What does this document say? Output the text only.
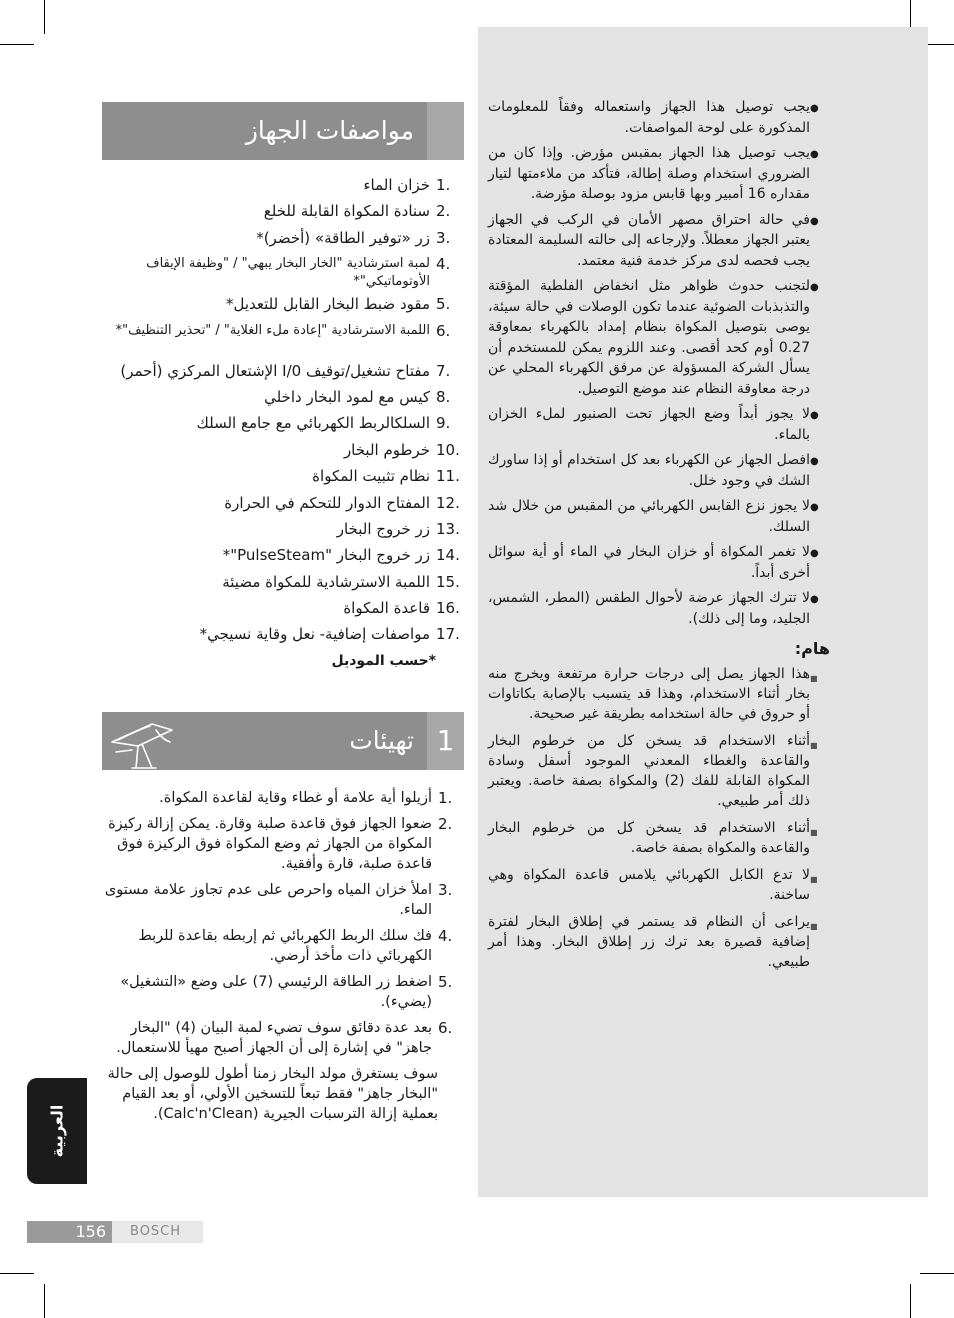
مواصفات الجهاز
1.
خزان الماء
2.
سنادة المكواة القابلة للخلع
3.
زر «توفير الطاقة» (أخضر)*
4.
لمبة استرشادية "الخار البخار يبهي" / "وظيفة الإيقاف الأوتوماتيكي"*
5.
مقود ضبط البخار القابل للتعديل*
6.
اللمبة الاسترشادية "إعادة ملء الغلاية" / "تحذير التنظيف"*
7.
مفتاح تشغيل/توقيف I/0 الإشتعال المركزي (أحمر)
8.
كيس مع لمود البخار داخلي
9.
السلكالربط الكهربائي مع جامع السلك
10.
خرطوم البخار
11.
نظام تثبيت المكواة
12.
المفتاح الدوار للتحكم في الحرارة
13.
زر خروج البخار
14.
زر خروج البخار "PulseSteam"*
15.
اللمبة الاسترشادية للمكواة مضيئة
16.
قاعدة المكواة
17.
مواصفات إضافية- نعل وقاية نسيجي*
*حسب الموديل
تهيئات 1
1.
أزيلوا أية علامة أو غطاء وقاية لقاعدة المكواة.
2.
ضعوا الجهاز فوق قاعدة صلبة وقارة. يمكن إزالة ركيزة المكواة من الجهاز ثم وضع المكواة فوق الركيزة فوق قاعدة صلبة، قارة وأفقية.
3.
املأ خزان المياه واحرص على عدم تجاوز علامة مستوى الماء.
4.
فك سلك الربط الكهربائي ثم إربطه بقاعدة للربط الكهربائي ذات مأخذ أرضي.
5.
اضغط زر الطاقة الرئيسي (7) على وضع «التشغيل» (يضيء).
6.
بعد عدة دقائق سوف تضيء لمبة البيان (4) "البخار جاهز" في إشارة إلى أن الجهاز أصبح مهيأ للاستعمال.
سوف يستغرق مولد البخار زمنا أطول للوصول إلى حالة "البخار جاهز" فقط تبعاً للتسخين الأولي، أو بعد القيام بعملية إزالة الترسبات الجيرية (Calc'n'Clean).
●
يجب توصيل هذا الجهاز واستعماله وفقاً للمعلومات المذكورة على لوحة المواصفات.
●
يجب توصيل هذا الجهاز بمقبس مؤرض. وإذا كان من الضروري استخدام وصلة إطالة، فتأكد من ملاءمتها لتيار مقداره 16 أمبير وبها قابس مزود بوصلة مؤرضة.
●
في حالة احتراق مصهر الأمان في الركب في الجهاز يعتبر الجهاز معطلاً. ولإرجاعه إلى حالته السليمة المعتادة يجب فحصه لدى مركز خدمة فنية معتمد.
●
لتجنب حدوث ظواهر مثل انخفاض الفلطية المؤقتة والتذبذبات الضوئية عندما تكون الوصلات في حالة سيئة، يوصى بتوصيل المكواة بنظام إمداد بالكهرباء بمعاوقة 0.27 أوم كحد أقصى. وعند اللزوم يمكن للمستخدم أن يسأل الشركة المسؤولة عن مرفق الكهرباء المحلي عن درجة معاوقة النظام عند موضع التوصيل.
●
لا يجوز أبداً وضع الجهاز تحت الصنبور لملء الخزان بالماء.
●
افصل الجهاز عن الكهرباء بعد كل استخدام أو إذا ساورك الشك في وجود خلل.
●
لا يجوز نزع القابس الكهربائي من المقبس من خلال شد السلك.
●
لا تغمر المكواة أو خزان البخار في الماء أو أية سوائل أخرى أبداً.
●
لا تترك الجهاز عرضة لأحوال الطقس (المطر، الشمس، الجليد، وما إلى ذلك).
هام:
■
هذا الجهاز يصل إلى درجات حرارة مرتفعة ويخرج منه بخار أثناء الاستخدام، وهذا قد يتسبب بالإصابة بكاتاوات أو حروق في حالة استخدامه بطريقة غير صحيحة.
■
أثناء الاستخدام قد يسخن كل من خرطوم البخار والقاعدة والغطاء المعدني الموجود أسفل وسادة المكواة القابلة للفك (2) والمكواة بصفة خاصة. ويعتبر ذلك أمر طبيعي.
■
أثناء الاستخدام قد يسخن كل من خرطوم البخار والقاعدة والمكواة بصفة خاصة.
■
لا تدع الكابل الكهربائي يلامس قاعدة المكواة وهي ساخنة.
■
يراعى أن النظام قد يستمر في إطلاق البخار لفترة إضافية قصيرة بعد ترك زر إطلاق البخار. وهذا أمر طبيعي.
العربية
156	BOSCH
